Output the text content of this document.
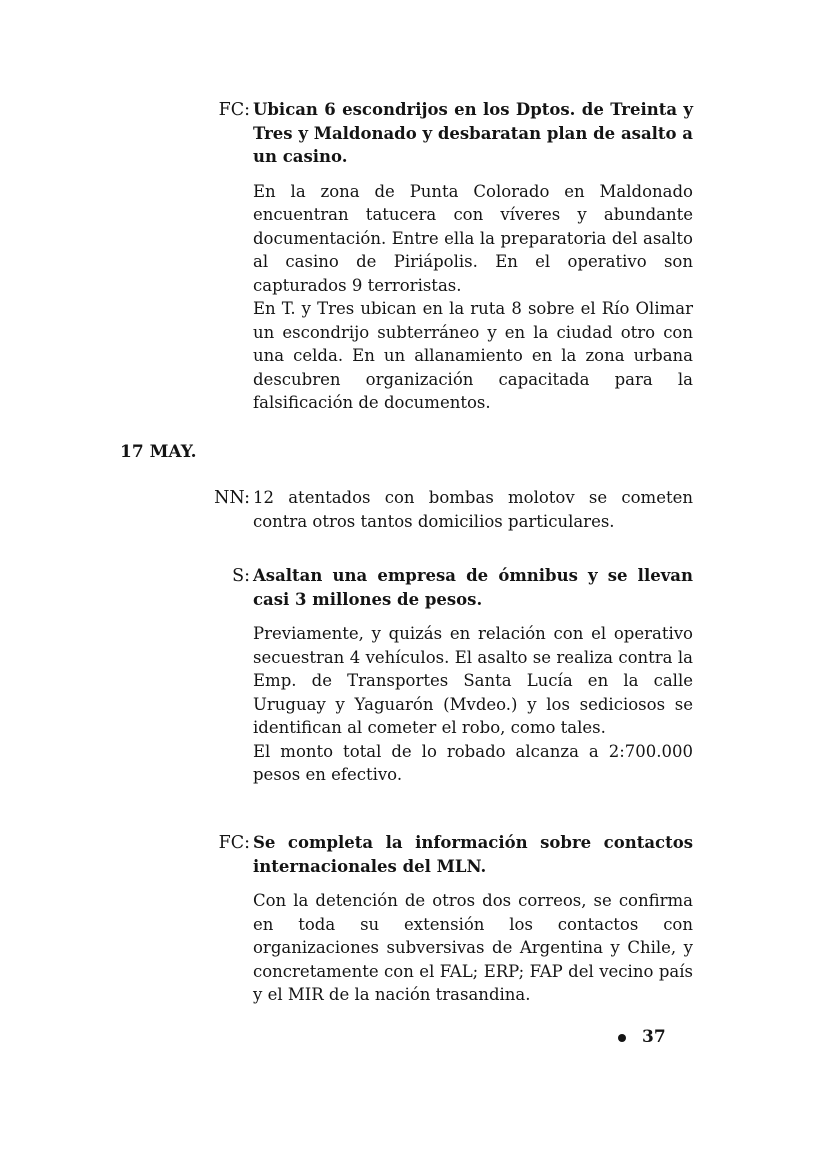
FC: Ubican 6 escondrijos en los Dptos. de Treinta y Tres y Maldonado y desbaratan plan de asalto a un casino.

En la zona de Punta Colorado en Maldonado encuentran tatucera con víveres y abundante documentación. Entre ella la preparatoria del asalto al casino de Piriápolis. En el operativo son capturados 9 terroristas.

En T. y Tres ubican en la ruta 8 sobre el Río Olimar un escondrijo subterráneo y en la ciudad otro con una celda. En un allanamiento en la zona urbana descubren organización capacitada para la falsificación de documentos.

17 MAY.
NN: 12 atentados con bombas molotov se cometen contra otros tantos domicilios particulares.

S: Asaltan una empresa de ómnibus y se llevan casi 3 millones de pesos.

Previamente, y quizás en relación con el operativo secuestran 4 vehículos. El asalto se realiza contra la Emp. de Transportes Santa Lucía en la calle Uruguay y Yaguarón (Mvdeo.) y los sediciosos se identifican al cometer el robo, como tales.

El monto total de lo robado alcanza a 2:700.000 pesos en efectivo.

FC: Se completa la información sobre contactos internacionales del MLN.

Con la detención de otros dos correos, se confirma en toda su extensión los contactos con organizaciones subversivas de Argentina y Chile, y concretamente con el FAL; ERP; FAP del vecino país y el MIR de la nación trasandina.

37
